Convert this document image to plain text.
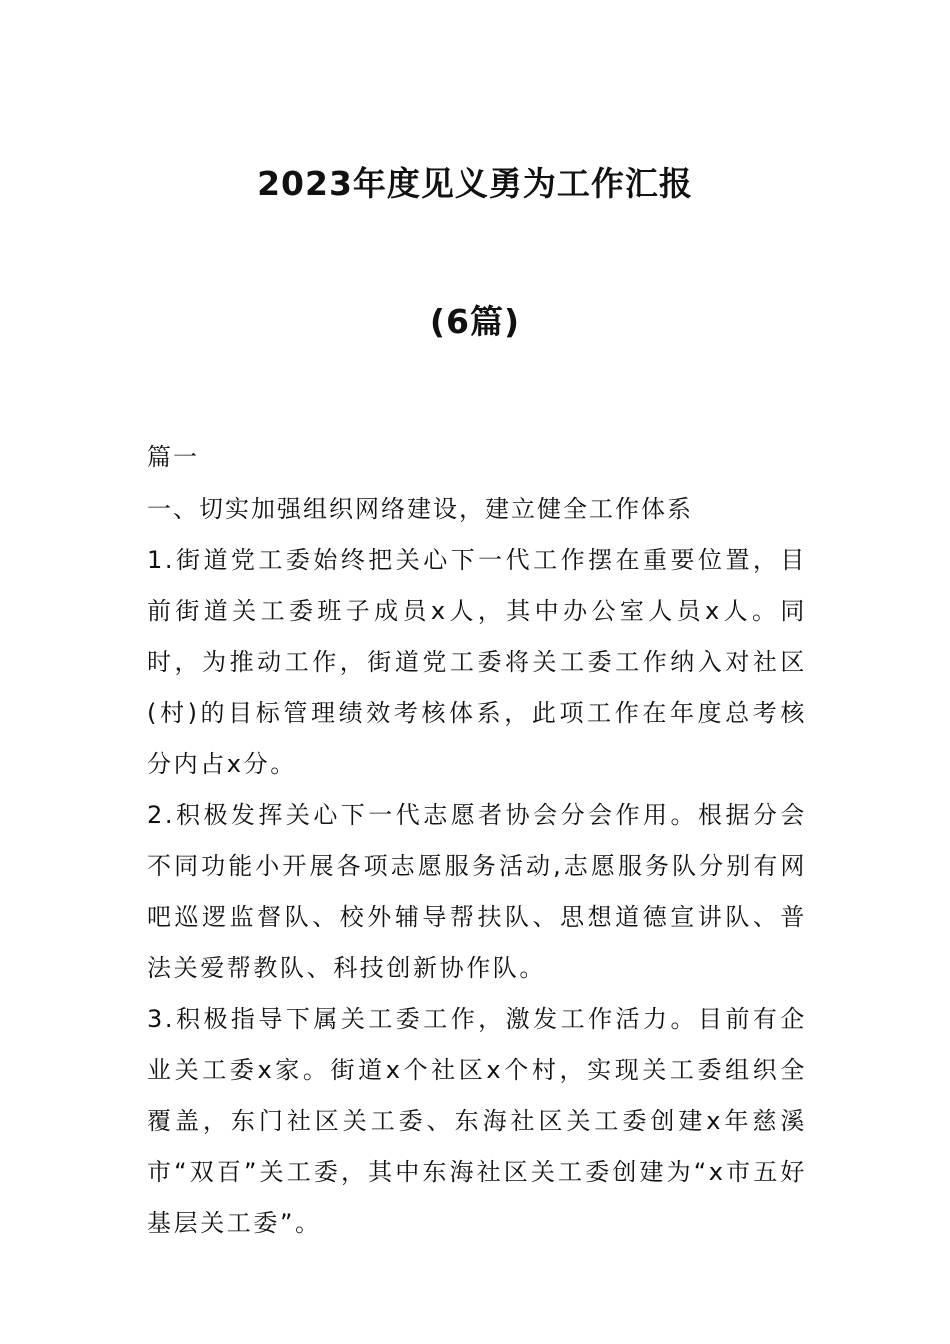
2023年度见义勇为工作汇报
(6篇)

篇一

一、切实加强组织网络建设，建立健全工作体系

1.街道党工委始终把关心下一代工作摆在重要位置，目前街道关工委班子成员x人，其中办公室人员x人。同时，为推动工作，街道党工委将关工委工作纳入对社区(村)的目标管理绩效考核体系，此项工作在年度总考核分内占x分。

2.积极发挥关心下一代志愿者协会分会作用。根据分会不同功能小开展各项志愿服务活动,志愿服务队分别有网吧巡逻监督队、校外辅导帮扶队、思想道德宣讲队、普法关爱帮教队、科技创新协作队。

3.积极指导下属关工委工作，激发工作活力。目前有企业关工委x家。街道x个社区x个村，实现关工委组织全覆盖，东门社区关工委、东海社区关工委创建x年慈溪市“双百”关工委，其中东海社区关工委创建为“x市五好基层关工委”。
